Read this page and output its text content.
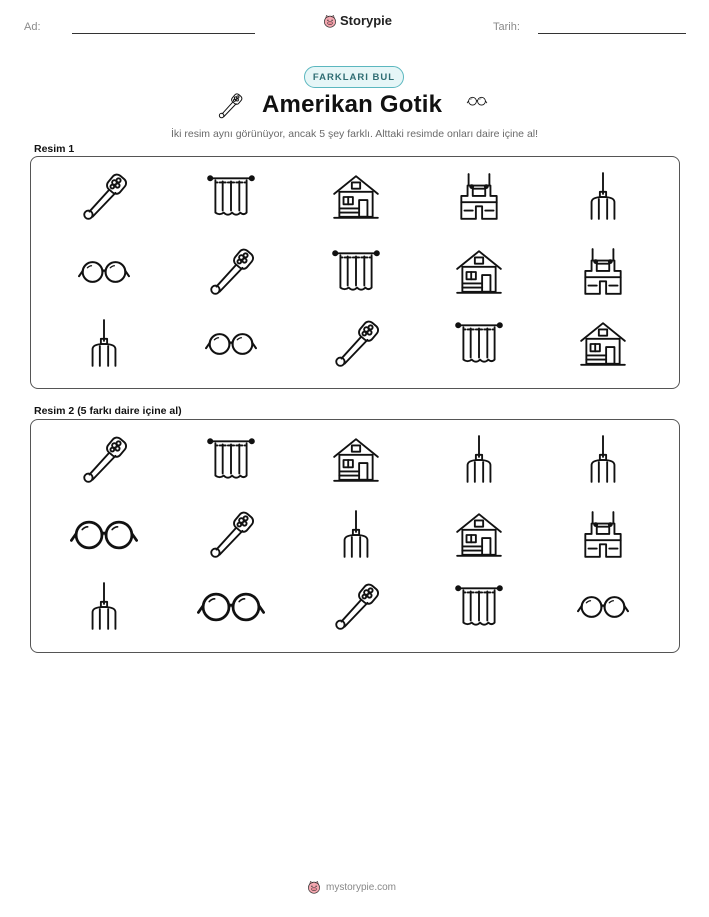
Ad:	Storypie	Tarih:
FARKLARI BUL
Amerikan Gotik
İki resim aynı görünüyor, ancak 5 şey farklı. Alttaki resimde onları daire içine al!
Resim 1
Resim 2 (5 farkı daire içine al)
mystorypie.com
